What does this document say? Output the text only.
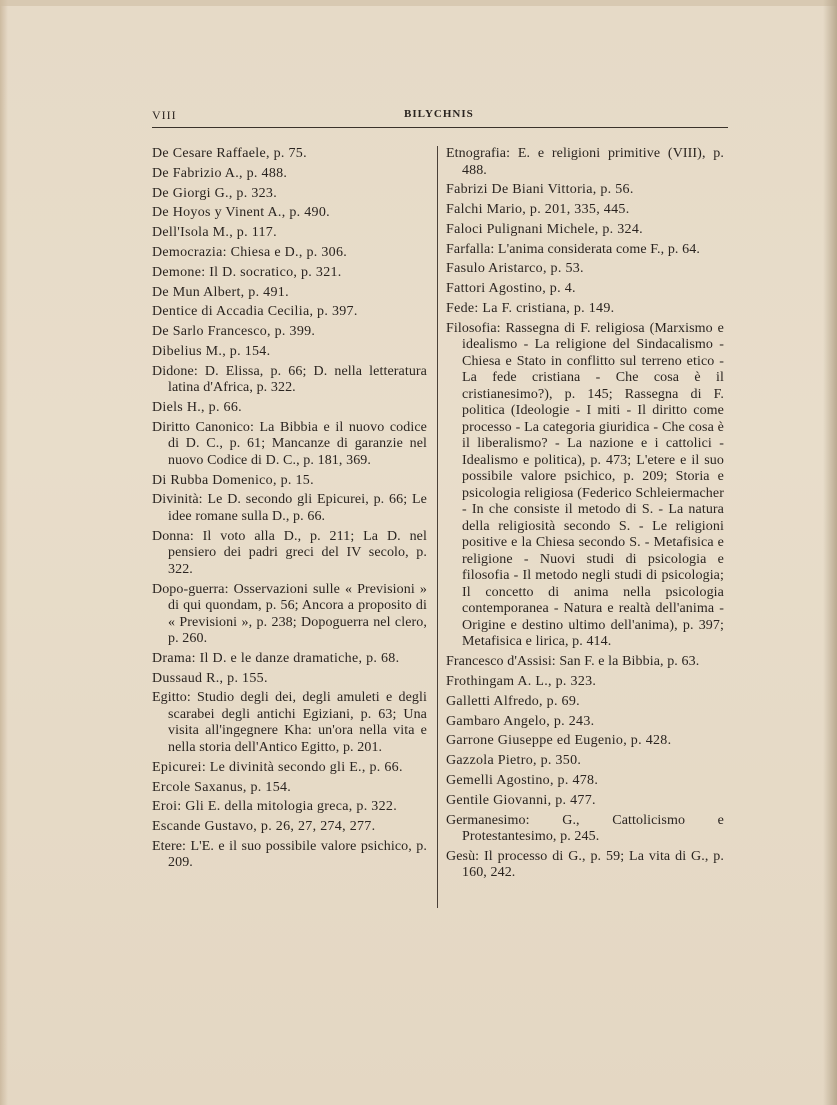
VIII	BILYCHNIS

De Cesare Raffaele, p. 75.

De Fabrizio A., p. 488.

De Giorgi G., p. 323.

De Hoyos y Vinent A., p. 490.

Dell'Isola M., p. 117.

Democrazia: Chiesa e D., p. 306.

Demone: Il D. socratico, p. 321.

De Mun Albert, p. 491.

Dentice di Accadia Cecilia, p. 397.

De Sarlo Francesco, p. 399.

Dibelius M., p. 154.

Didone: D. Elissa, p. 66; D. nella letteratura latina d'Africa, p. 322.

Diels H., p. 66.

Diritto Canonico: La Bibbia e il nuovo codice di D. C., p. 61; Mancanze di garanzie nel nuovo Codice di D. C., p. 181, 369.

Di Rubba Domenico, p. 15.

Divinità: Le D. secondo gli Epicurei, p. 66; Le idee romane sulla D., p. 66.

Donna: Il voto alla D., p. 211; La D. nel pensiero dei padri greci del IV secolo, p. 322.

Dopo-guerra: Osservazioni sulle « Previsioni » di qui quondam, p. 56; Ancora a proposito di « Previsioni », p. 238; Dopoguerra nel clero, p. 260.

Drama: Il D. e le danze dramatiche, p. 68.

Dussaud R., p. 155.

Egitto: Studio degli dei, degli amuleti e degli scarabei degli antichi Egiziani, p. 63; Una visita all'ingegnere Kha: un'ora nella vita e nella storia dell'Antico Egitto, p. 201.

Epicurei: Le divinità secondo gli E., p. 66.

Ercole Saxanus, p. 154.

Eroi: Gli E. della mitologia greca, p. 322.

Escande Gustavo, p. 26, 27, 274, 277.

Etere: L'E. e il suo possibile valore psichico, p. 209.

Etnografia: E. e religioni primitive (VIII), p. 488.

Fabrizi De Biani Vittoria, p. 56.

Falchi Mario, p. 201, 335, 445.

Faloci Pulignani Michele, p. 324.

Farfalla: L'anima considerata come F., p. 64.

Fasulo Aristarco, p. 53.

Fattori Agostino, p. 4.

Fede: La F. cristiana, p. 149.

Filosofia: Rassegna di F. religiosa (Marxismo e idealismo - La religione del Sindacalismo - Chiesa e Stato in conflitto sul terreno etico - La fede cristiana - Che cosa è il cristianesimo?), p. 145; Rassegna di F. politica (Ideologie - I miti - Il diritto come processo - La categoria giuridica - Che cosa è il liberalismo? - La nazione e i cattolici - Idealismo e politica), p. 473; L'etere e il suo possibile valore psichico, p. 209; Storia e psicologia religiosa (Federico Schleiermacher - In che consiste il metodo di S. - La natura della religiosità secondo S. - Le religioni positive e la Chiesa secondo S. - Metafisica e religione - Nuovi studi di psicologia e filosofia - Il metodo negli studi di psicologia; Il concetto di anima nella psicologia contemporanea - Natura e realtà dell'anima - Origine e destino ultimo dell'anima), p. 397; Metafisica e lirica, p. 414.

Francesco d'Assisi: San F. e la Bibbia, p. 63.

Frothingam A. L., p. 323.

Galletti Alfredo, p. 69.

Gambaro Angelo, p. 243.

Garrone Giuseppe ed Eugenio, p. 428.

Gazzola Pietro, p. 350.

Gemelli Agostino, p. 478.

Gentile Giovanni, p. 477.

Germanesimo: G., Cattolicismo e Protestantesimo, p. 245.

Gesù: Il processo di G., p. 59; La vita di G., p. 160, 242.
